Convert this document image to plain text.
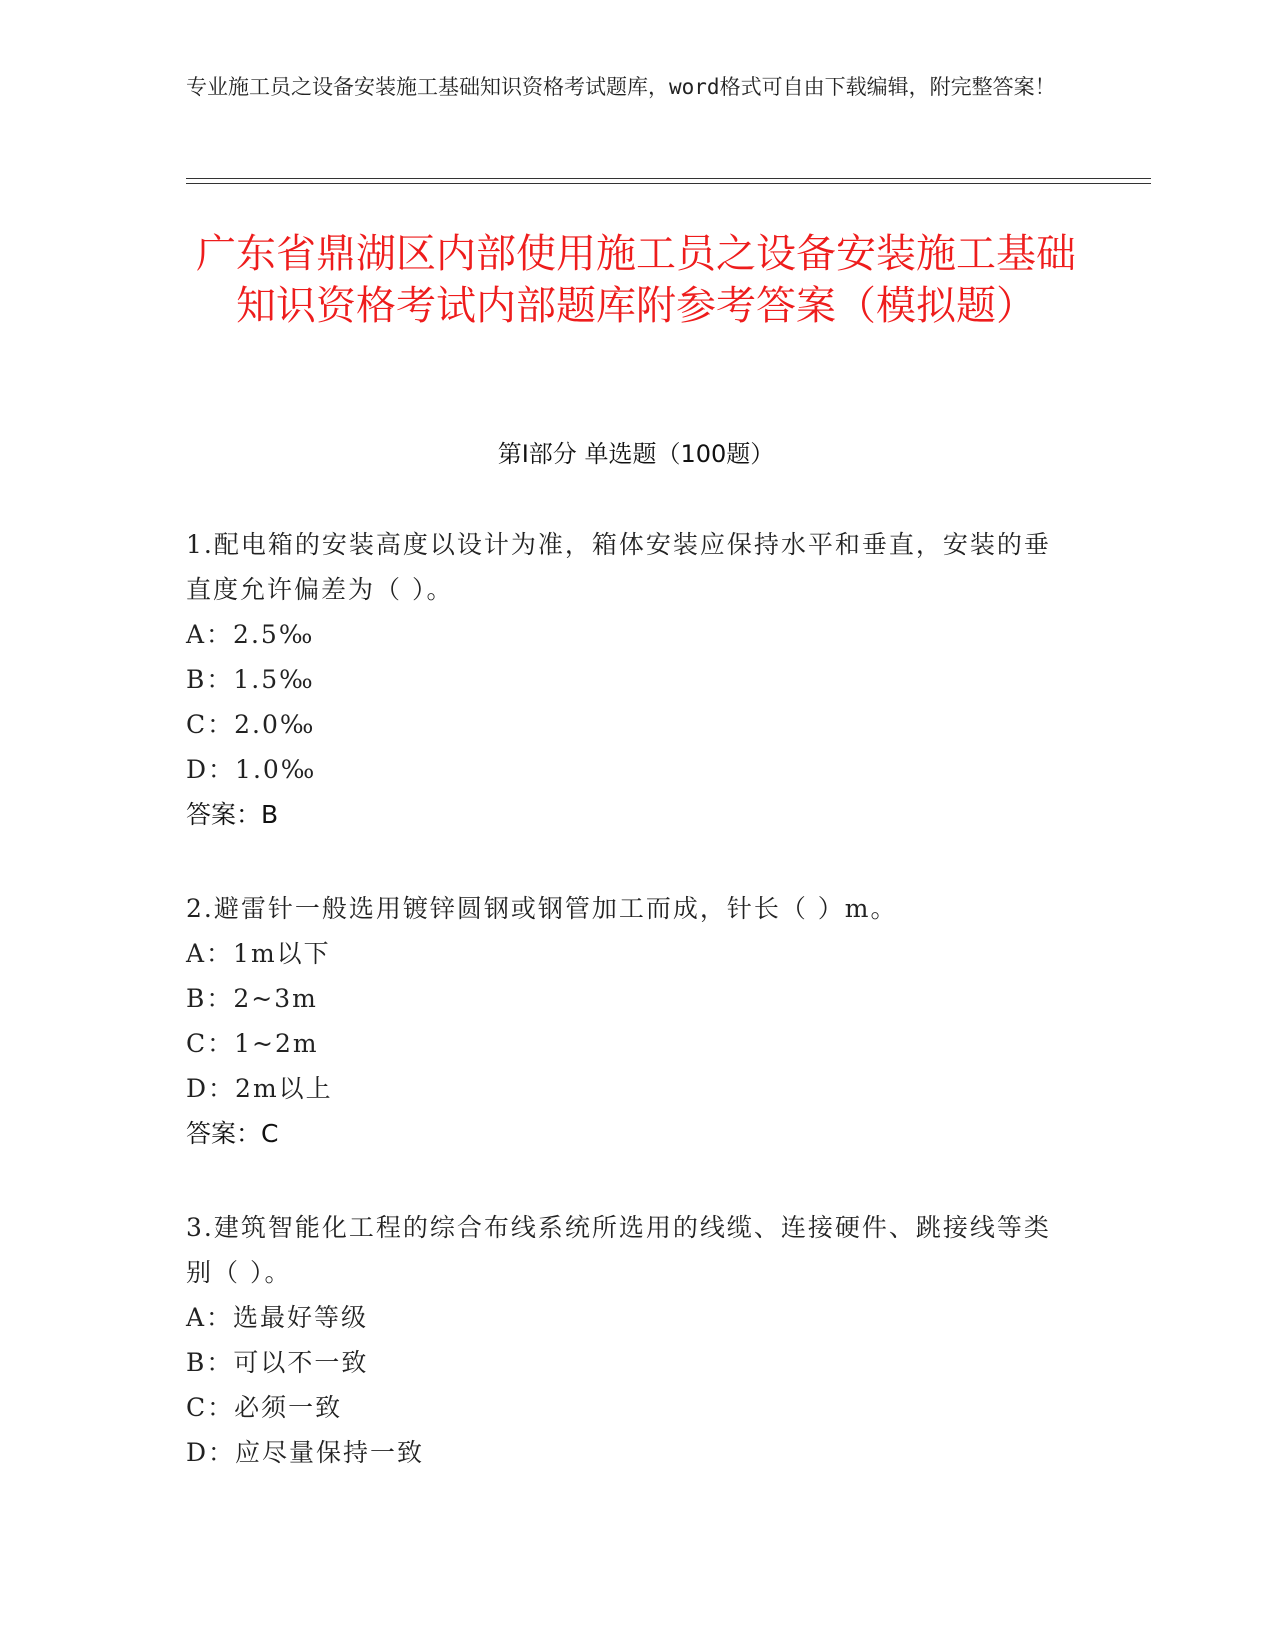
专业施工员之设备安装施工基础知识资格考试题库，word格式可自由下载编辑，附完整答案！
广东省鼎湖区内部使用施工员之设备安装施工基础知识资格考试内部题库附参考答案（模拟题）
第Ⅰ部分 单选题（100题）
1.配电箱的安装高度以设计为准，箱体安装应保持水平和垂直，安装的垂直度允许偏差为（ ）。
A：2.5‰
B：1.5‰
C：2.0‰
D：1.0‰
答案：B
2.避雷针一般选用镀锌圆钢或钢管加工而成，针长（ ）m。
A：1m以下
B：2~3m
C：1~2m
D：2m以上
答案：C
3.建筑智能化工程的综合布线系统所选用的线缆、连接硬件、跳接线等类别（ ）。
A：选最好等级
B：可以不一致
C：必须一致
D：应尽量保持一致
